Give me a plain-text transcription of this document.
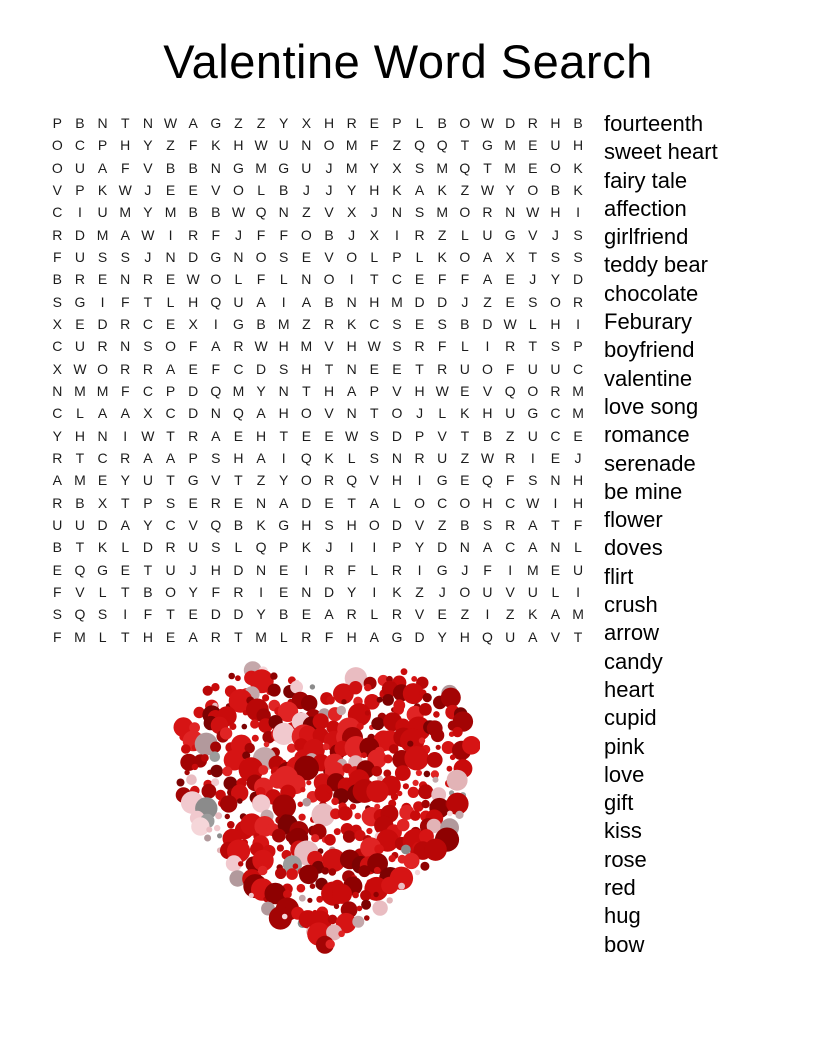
Valentine Word Search
P B N T N W A G Z	Z Y X H R E P	L	B O W D R H B
O C P H Y Z	F K H W U N O M F	Z Q Q T G M E U H
O U A F V B B N G M G U	J M Y X S M Q T M E O K
V P K W J	E E V O L	B	J	J	Y H K A K Z W Y O B K
C	I	U M Y M B B W Q N Z V X	J	N S M O R N W H	I
R D M A W	I	R F	J	F	F O B	J	X	I	R Z	L U G V	J	S
F U S S	J	N D G N O S E V O L	P	L	K O A X T S S
B R E N R E W O L	F	L N O	I	T C E F	F A E	J	Y D
S G	I	F	T	L H Q U A	I	A B N H M D D	J	Z E S O R
X E D R C E X	I	G B M Z R K C S E S B D W L H	I
C U R N S O F A R W H M V H W S R F	L	I	R T S P
X W O R R A E F C D S H T N E E T R U O F U U C
N M M F C P D Q M Y N T H A P V H W E V Q O R M
C L	A A X C D N Q A H O V N T O J	L	K H U G C M
Y H N	I	W T R A E H T E E W S D P V T B Z U C E
R T C R A A P S H A	I	Q K	L	S N R U Z W R	I	E	J
A M E Y U T G V T	Z Y O R Q V H	I	G E Q F S N H
R B X T P S E R E N A D E T A	L O C O H C W	I	H
U U D A Y C V Q B K G H S H O D V Z B S R A T	F
B T K	L D R U S	L Q P K	J	I	I	P Y D N A C A N L
E Q G E T U	J	H D N E	I	R F	L R	I	G J	F	I	M E U
F V	L	T B O Y F R	I	E N D Y	I	K Z	J O U V U L	I
S Q S	I	F	T E D D Y B E A R L R V E Z	I	Z K A M
F M L	T H E A R T M L R F H A G D Y H Q U A V T
fourteenth
sweet heart
fairy tale
affection
girlfriend
teddy bear
chocolate
Feburary
boyfriend
valentine
love song
romance
serenade
be mine
flower
doves
flirt
crush
arrow
candy
heart
cupid
pink
love
gift
kiss
rose
red
hug
bow
